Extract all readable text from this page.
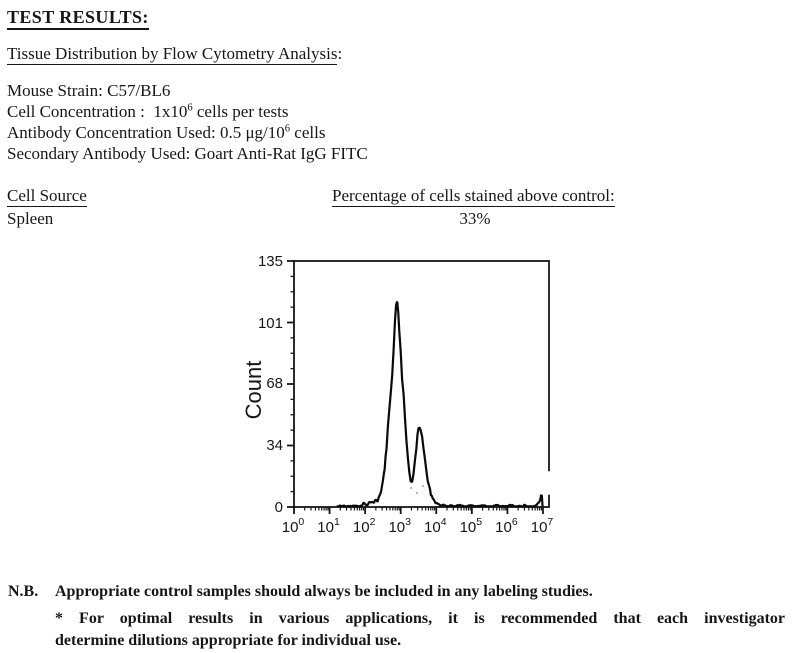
TEST RESULTS:
Tissue Distribution by Flow Cytometry Analysis:
Mouse Strain: C57/BL6
Cell Concentration :  $1x10^6$ cells per tests
Antibody Concentration Used: 0.5 $\mu g/10^6$ cells
Secondary Antibody Used: Goart Anti-Rat IgG FITC
Cell Source	Percentage of cells stained above control:
Spleen	33%
0
34
68
101
135
$10^0$ $10^1$ $10^2$ $10^3$ $10^4$ $10^5$ $10^6$ $10^7$
Count
N.B. Appropriate control samples should always be included in any labeling studies.
* For optimal results in various applications, it is recommended that each investigator
determine dilutions appropriate for individual use.
